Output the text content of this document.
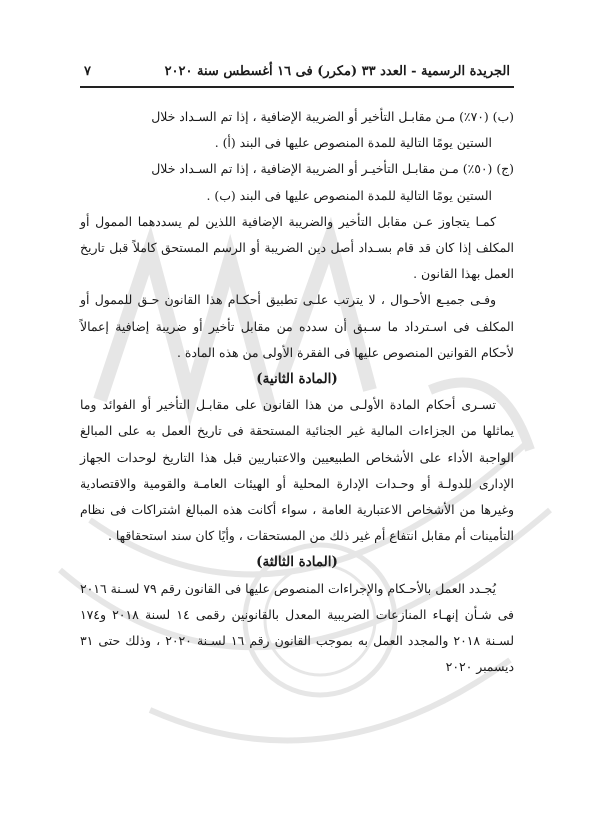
الجريدة الرسمية - العدد ٣٣ (مكرر) فى ١٦ أغسطس سنة ٢٠٢٠
٧

(ب) (٧٠٪) مـن مقابـل التأخير أو الضريبة الإضافية ، إذا تم السـداد خلال

الستين يومًا التالية للمدة المنصوص عليها فى البند (أ) .

(ج) (٥٠٪) مـن مقابـل التأخيـر أو الضريبة الإضافية ، إذا تم السـداد خلال

الستين يومًا التالية للمدة المنصوص عليها فى البند (ب) .

كمـا يتجاوز عـن مقابل التأخير والضريبة الإضافية اللذين لم يسددهما الممول أو المكلف إذا كان قد قام بسـداد أصل دين الضريبة أو الرسم المستحق كاملاً قبل تاريخ العمل بهذا القانون .

وفـى جميـع الأحـوال ، لا يترتب علـى تطبيق أحكـام هذا القانون حـق للممول أو المكلف فى اسـترداد ما سـبق أن سدده من مقابل تأخير أو ضريبة إضافية إعمالاً لأحكام القوانين المنصوص عليها فى الفقرة الأولى من هذه المادة .

(المادة الثانية)

تسـرى أحكام المادة الأولـى من هذا القانون على مقابـل التأخير أو الفوائد وما يماثلها من الجزاءات المالية غير الجنائية المستحقة فى تاريخ العمل به على المبالغ الواجبة الأداء على الأشخاص الطبيعيين والاعتباريين قبل هذا التاريخ لوحدات الجهاز الإدارى للدولـة أو وحـدات الإدارة المحلية أو الهيئات العامـة والقومية والاقتصادية وغيرها من الأشخاص الاعتبارية العامة ، سواء أكانت هذه المبالغ اشتراكات فى نظام التأمينات أم مقابل انتفاع أم غير ذلك من المستحقات ، وأيًا كان سند استحقاقها .

(المادة الثالثة)

يُجـدد العمل بالأحـكام والإجراءات المنصوص عليها فى القانون رقم ٧٩ لسـنة ٢٠١٦ فى شـأن إنهـاء المنازعات الضريبية المعدل بالقانونين رقمى ١٤ لسنة ٢٠١٨ و١٧٤ لسـنة ٢٠١٨ والمجدد العمل به بموجب القانون رقم ١٦ لسـنة ٢٠٢٠ ، وذلك حتى ٣١ ديسمبر ٢٠٢٠
